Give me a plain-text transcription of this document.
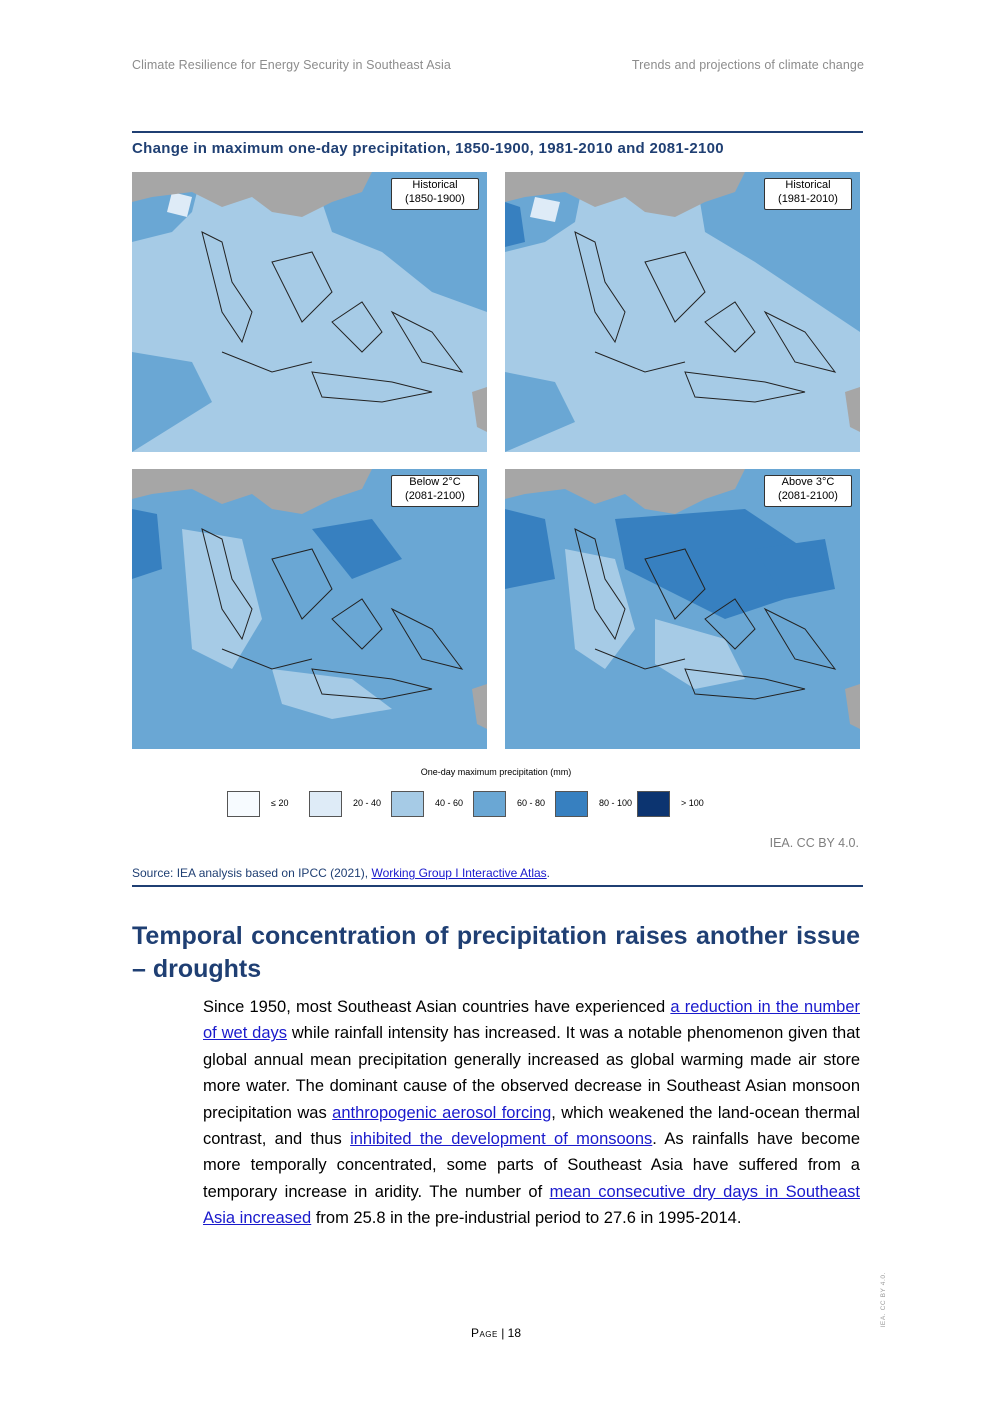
Climate Resilience for Energy Security in Southeast Asia	Trends and projections of climate change
Change in maximum one-day precipitation, 1850-1900, 1981-2010 and 2081-2100
Historical
(1850-1900)
Historical
(1981-2010)
Below 2°C
(2081-2100)
Above 3°C
(2081-2100)
One-day maximum precipitation (mm)
≤ 20	20 - 40	40 - 60	60 - 80	80 - 100	> 100
IEA. CC BY 4.0.
Source: IEA analysis based on IPCC (2021), Working Group I Interactive Atlas.
Temporal concentration of precipitation raises another issue – droughts
Since 1950, most Southeast Asian countries have experienced a reduction in the number of wet days while rainfall intensity has increased. It was a notable phenomenon given that global annual mean precipitation generally increased as global warming made air store more water. The dominant cause of the observed decrease in Southeast Asian monsoon precipitation was anthropogenic aerosol forcing, which weakened the land-ocean thermal contrast, and thus inhibited the development of monsoons. As rainfalls have become more temporally concentrated, some parts of Southeast Asia have suffered from a temporary increase in aridity. The number of mean consecutive dry days in Southeast Asia increased from 25.8 in the pre-industrial period to 27.6 in 1995-2014.
Page | 18
IEA. CC BY 4.0.
